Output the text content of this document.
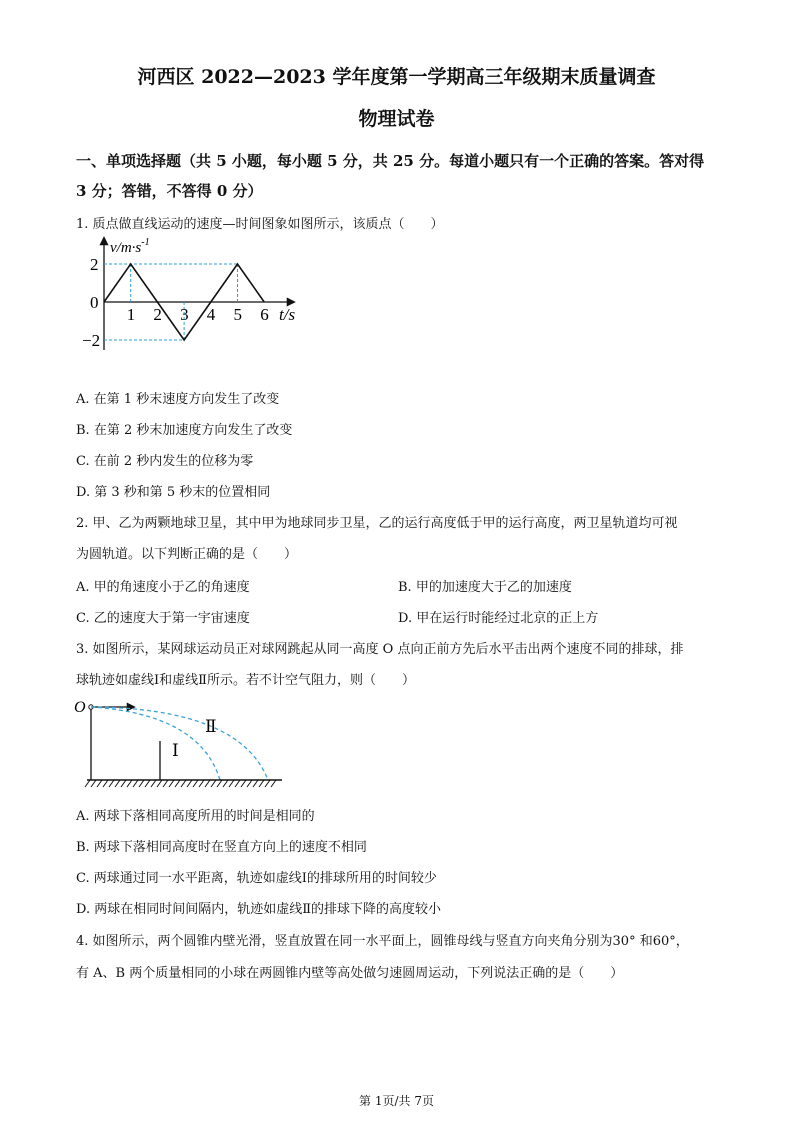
河西区 2022—2023 学年度第一学期高三年级期末质量调查
物理试卷
一、单项选择题（共 5 小题，每小题 5 分，共 25 分。每道小题只有一个正确的答案。答对得
3 分；答错，不答得 0 分）
1. 质点做直线运动的速度—时间图象如图所示，该质点（　　）
1 2 3 4 5 6
2
0
−2
t/s
$v/m\cdot s^{-1}$
A. 在第 1 秒末速度方向发生了改变
B. 在第 2 秒末加速度方向发生了改变
C. 在前 2 秒内发生的位移为零
D. 第 3 秒和第 5 秒末的位置相同
2. 甲、乙为两颗地球卫星，其中甲为地球同步卫星，乙的运行高度低于甲的运行高度，两卫星轨道均可视
为圆轨道。以下判断正确的是（　　）
A. 甲的角速度小于乙的角速度	B. 甲的加速度大于乙的加速度
C. 乙的速度大于第一宇宙速度	D. 甲在运行时能经过北京的正上方
3. 如图所示，某网球运动员正对球网跳起从同一高度 O 点向正前方先后水平击出两个速度不同的排球，排
球轨迹如虚线Ⅰ和虚线Ⅱ所示。若不计空气阻力，则（　　）
O
Ⅰ
Ⅱ
A. 两球下落相同高度所用的时间是相同的
B. 两球下落相同高度时在竖直方向上的速度不相同
C. 两球通过同一水平距离，轨迹如虚线Ⅰ的排球所用的时间较少
D. 两球在相同时间间隔内，轨迹如虚线Ⅱ的排球下降的高度较小
4. 如图所示，两个圆锥内壁光滑，竖直放置在同一水平面上，圆锥母线与竖直方向夹角分别为30° 和60°，
有 A、B 两个质量相同的小球在两圆锥内壁等高处做匀速圆周运动，下列说法正确的是（　　）
第 1页/共 7页
